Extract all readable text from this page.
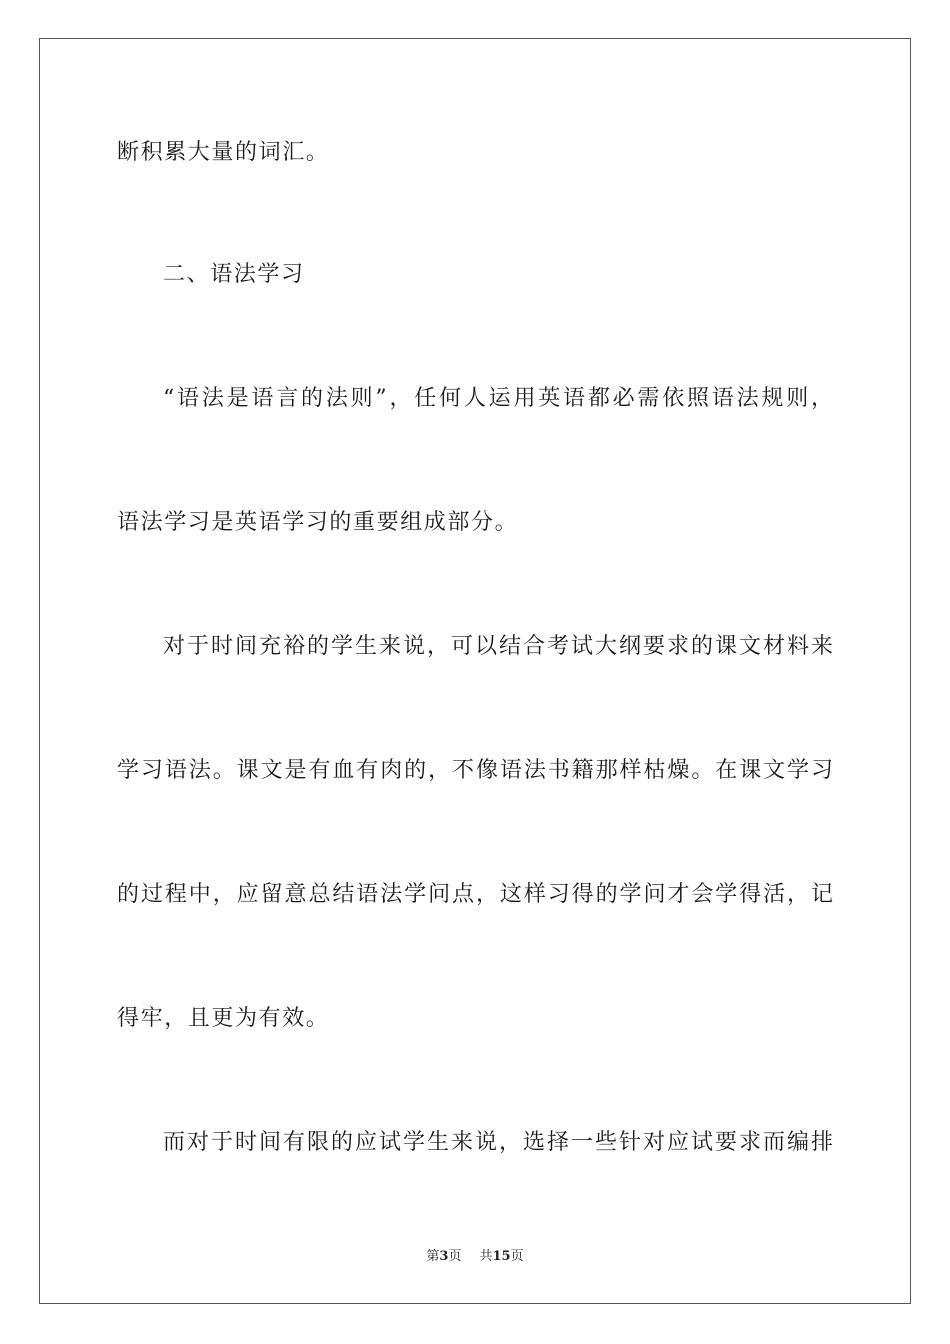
断积累大量的词汇。
二、语法学习
“语法是语言的法则”，任何人运用英语都必需依照语法规则，
语法学习是英语学习的重要组成部分。
对于时间充裕的学生来说，可以结合考试大纲要求的课文材料来
学习语法。课文是有血有肉的，不像语法书籍那样枯燥。在课文学习
的过程中，应留意总结语法学问点，这样习得的学问才会学得活，记
得牢，且更为有效。
而对于时间有限的应试学生来说，选择一些针对应试要求而编排
第3页 共15页
